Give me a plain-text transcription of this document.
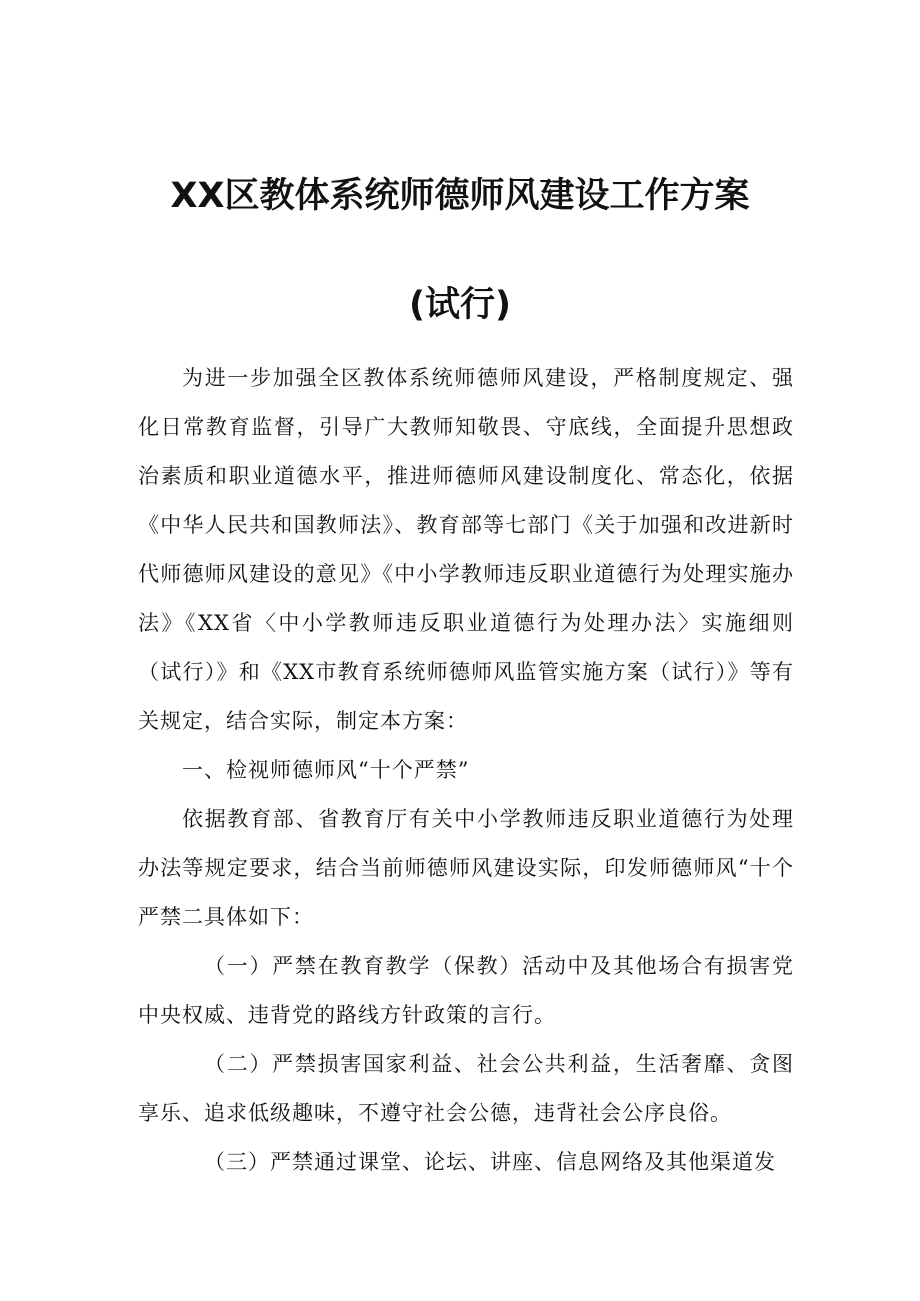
XX区教体系统师德师风建设工作方案
(试行)

为进一步加强全区教体系统师德师风建设，严格制度规定、强化日常教育监督，引导广大教师知敬畏、守底线，全面提升思想政治素质和职业道德水平，推进师德师风建设制度化、常态化，依据《中华人民共和国教师法》、教育部等七部门《关于加强和改进新时代师德师风建设的意见》《中小学教师违反职业道德行为处理实施办法》《XX省〈中小学教师违反职业道德行为处理办法〉实施细则（试行）》和《XX市教育系统师德师风监管实施方案（试行）》等有关规定，结合实际，制定本方案：

一、检视师德师风“十个严禁”

依据教育部、省教育厅有关中小学教师违反职业道德行为处理办法等规定要求，结合当前师德师风建设实际，印发师德师风“十个严禁二具体如下：

（一）严禁在教育教学（保教）活动中及其他场合有损害党中央权威、违背党的路线方针政策的言行。

（二）严禁损害国家利益、社会公共利益，生活奢靡、贪图享乐、追求低级趣味，不遵守社会公德，违背社会公序良俗。

（三）严禁通过课堂、论坛、讲座、信息网络及其他渠道发
